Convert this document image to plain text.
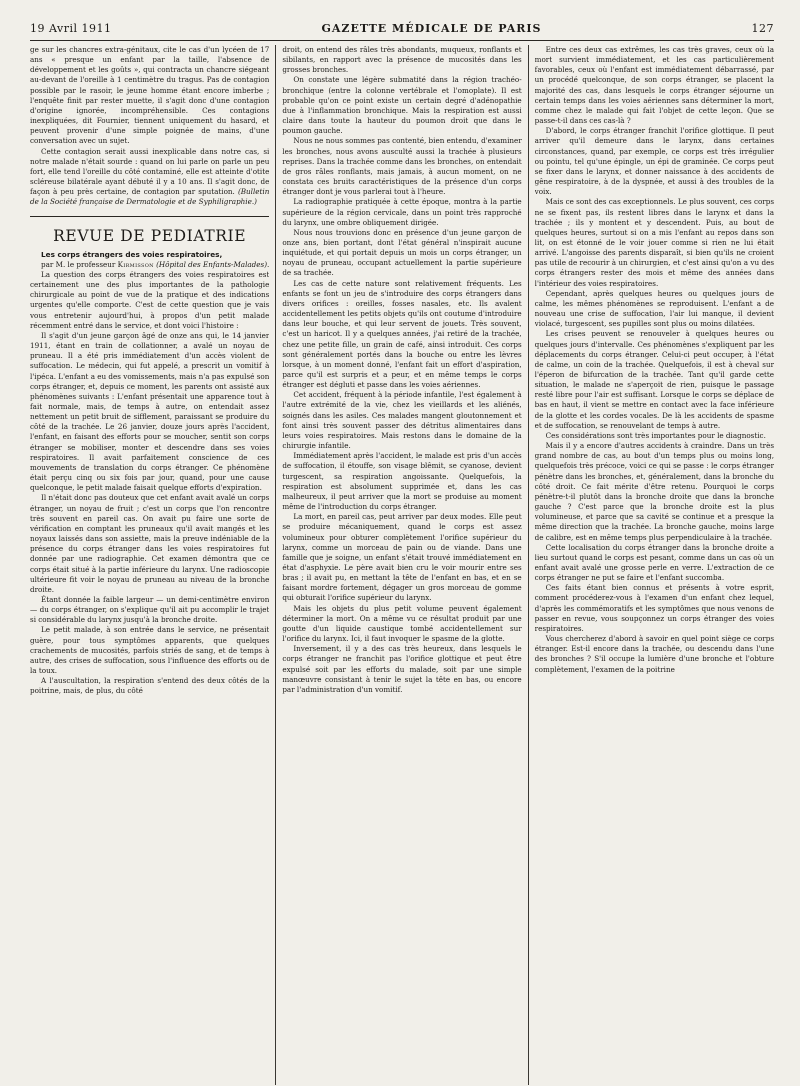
19 Avril 1911	GAZETTE MÉDICALE DE PARIS	127

ge sur les chancres extra-génitaux, cite le cas d'un lycéen de 17 ans « presque un enfant par la taille, l'absence de développement et les goûts », qui contracta un chancre siégeant au-devant de l'oreille à 1 centimètre du tragus. Pas de contagion possible par le rasoir, le jeune homme étant encore imberbe ; l'enquête finit par rester muette, il s'agit donc d'une contagion d'origine ignorée, incompréhensible. Ces contagions inexpliquées, dit Fournier, tiennent uniquement du hasard, et peuvent provenir d'une simple poignée de mains, d'une conversation avec un sujet.

Cette contagion serait aussi inexplicable dans notre cas, si notre malade n'était sourde : quand on lui parle on parle un peu fort, elle tend l'oreille du côté contaminé, elle est atteinte d'otite scléreuse bilatérale ayant débuté il y a 10 ans. Il s'agit donc, de façon à peu près certaine, de contagion par sputation. (Bulletin de la Société française de Dermatologie et de Syphiligraphie.)

REVUE DE PEDIATRIE

Les corps étrangers des voies respiratoires,

par M. le professeur Kirmisson (Hôpital des Enfants-Malades).

La question des corps étrangers des voies respiratoires est certainement une des plus importantes de la pathologie chirurgicale au point de vue de la pratique et des indications urgentes qu'elle comporte. C'est de cette question que je vais vous entretenir aujourd'hui, à propos d'un petit malade récemment entré dans le service, et dont voici l'histoire :

Il s'agit d'un jeune garçon âgé de onze ans qui, le 14 janvier 1911, étant en train de collationner, a avalé un noyau de pruneau. Il a été pris immédiatement d'un accès violent de suffocation. Le médecin, qui fut appelé, a prescrit un vomitif à l'ipéca. L'enfant a eu des vomissements, mais n'a pas expulsé son corps étranger, et, depuis ce moment, les parents ont assisté aux phénomènes suivants : L'enfant présentait une apparence tout à fait normale, mais, de temps à autre, on entendait assez nettement un petit bruit de sifflement, paraissant se produire du côté de la trachée. Le 26 janvier, douze jours après l'accident, l'enfant, en faisant des efforts pour se moucher, sentit son corps étranger se mobiliser, monter et descendre dans ses voies respiratoires. Il avait parfaitement conscience de ces mouvements de translation du corps étranger. Ce phénomène était perçu cinq ou six fois par jour, quand, pour une cause quelconque, le petit malade faisait quelque efforts d'expiration.

Il n'était donc pas douteux que cet enfant avait avalé un corps étranger, un noyau de fruit ; c'est un corps que l'on rencontre très souvent en pareil cas. On avait pu faire une sorte de vérification en comptant les pruneaux qu'il avait mangés et les noyaux laissés dans son assiette, mais la preuve indéniable de la présence du corps étranger dans les voies respiratoires fut donnée par une radiographie. Cet examen démontra que ce corps était situé à la partie inférieure du larynx. Une radioscopie ultérieure fit voir le noyau de pruneau au niveau de la bronche droite.

Étant donnée la faible largeur — un demi-centimètre environ — du corps étranger, on s'explique qu'il ait pu accomplir le trajet si considérable du larynx jusqu'à la bronche droite.

Le petit malade, à son entrée dans le service, ne présentait guère, pour tous symptômes apparents, que quelques crachements de mucosités, parfois striés de sang, et de temps à autre, des crises de suffocation, sous l'influence des efforts ou de la toux.

A l'auscultation, la respiration s'entend des deux côtés de la poitrine, mais, de plus, du côté

droit, on entend des râles très abondants, muqueux, ronflants et sibilants, en rapport avec la présence de mucosités dans les grosses bronches.

On constate une légère submatité dans la région trachéo-bronchique (entre la colonne vertébrale et l'omoplate). Il est probable qu'on ce point existe un certain degré d'adénopathie due à l'inflammation bronchique. Mais la respiration est aussi claire dans toute la hauteur du poumon droit que dans le poumon gauche.

Nous ne nous sommes pas contenté, bien entendu, d'examiner les bronches, nous avons ausculté aussi la trachée à plusieurs reprises. Dans la trachée comme dans les bronches, on entendait de gros râles ronflants, mais jamais, à aucun moment, on ne constata ces bruits caractéristiques de la présence d'un corps étranger dont je vous parlerai tout à l'heure.

La radiographie pratiquée à cette époque, montra à la partie supérieure de la région cervicale, dans un point très rapproché du larynx, une ombre obliquement dirigée.

Nous nous trouvions donc en présence d'un jeune garçon de onze ans, bien portant, dont l'état général n'inspirait aucune inquiétude, et qui portait depuis un mois un corps étranger, un noyau de pruneau, occupant actuellement la partie supérieure de sa trachée.

Les cas de cette nature sont relativement fréquents. Les enfants se font un jeu de s'introduire des corps étrangers dans divers orifices : oreilles, fosses nasales, etc. Ils avalent accidentellement les petits objets qu'ils ont coutume d'introduire dans leur bouche, et qui leur servent de jouets. Très souvent, c'est un haricot. Il y a quelques années, j'ai retiré de la trachée, chez une petite fille, un grain de café, ainsi introduit. Ces corps sont généralement portés dans la bouche ou entre les lèvres lorsque, à un moment donné, l'enfant fait un effort d'aspiration, parce qu'il est surpris et a peur, et en même temps le corps étranger est dégluti et passe dans les voies aériennes.

Cet accident, fréquent à la période infantile, l'est également à l'autre extrémité de la vie, chez les vieillards et les aliénés, soignés dans les asiles. Ces malades mangent gloutonnement et font ainsi très souvent passer des détritus alimentaires dans leurs voies respiratoires. Mais restons dans le domaine de la chirurgie infantile.

Immédiatement après l'accident, le malade est pris d'un accès de suffocation, il étouffe, son visage blêmit, se cyanose, devient turgescent, sa respiration angoissante. Quelquefois, la respiration est absolument supprimée et, dans les cas malheureux, il peut arriver que la mort se produise au moment même de l'introduction du corps étranger.

La mort, en pareil cas, peut arriver par deux modes. Elle peut se produire mécaniquement, quand le corps est assez volumineux pour obturer complètement l'orifice supérieur du larynx, comme un morceau de pain ou de viande. Dans une famille que je soigne, un enfant s'était trouvé immédiatement en état d'asphyxie. Le père avait bien cru le voir mourir entre ses bras ; il avait pu, en mettant la tête de l'enfant en bas, et en se faisant mordre fortement, dégager un gros morceau de gomme qui obturait l'orifice supérieur du larynx.

Mais les objets du plus petit volume peuvent également déterminer la mort. On a même vu ce résultat produit par une goutte d'un liquide caustique tombé accidentellement sur l'orifice du larynx. Ici, il faut invoquer le spasme de la glotte.

Inversement, il y a des cas très heureux, dans lesquels le corps étranger ne franchit pas l'orifice glottique et peut être expulsé soit par les efforts du malade, soit par une simple manœuvre consistant à tenir le sujet la tête en bas, ou encore par l'administration d'un vomitif.

Entre ces deux cas extrêmes, les cas très graves, ceux où la mort survient immédiatement, et les cas particulièrement favorables, ceux où l'enfant est immédiatement débarrassé, par un procédé quelconque, de son corps étranger, se placent la majorité des cas, dans lesquels le corps étranger séjourne un certain temps dans les voies aériennes sans déterminer la mort, comme chez le malade qui fait l'objet de cette leçon. Que se passe-t-il dans ces cas-là ?

D'abord, le corps étranger franchit l'orifice glottique. Il peut arriver qu'il demeure dans le larynx, dans certaines circonstances, quand, par exemple, ce corps est très irrégulier ou pointu, tel qu'une épingle, un épi de graminée. Ce corps peut se fixer dans le larynx, et donner naissance à des accidents de gêne respiratoire, à de la dyspnée, et aussi à des troubles de la voix.

Mais ce sont des cas exceptionnels. Le plus souvent, ces corps ne se fixent pas, ils restent libres dans le larynx et dans la trachée ; ils y montent et y descendent. Puis, au bout de quelques heures, surtout si on a mis l'enfant au repos dans son lit, on est étonné de le voir jouer comme si rien ne lui était arrivé. L'angoisse des parents disparaît, si bien qu'ils ne croient pas utile de recourir à un chirurgien, et c'est ainsi qu'on a vu des corps étrangers rester des mois et même des années dans l'intérieur des voies respiratoires.

Cependant, après quelques heures ou quelques jours de calme, les mêmes phénomènes se reproduisent. L'enfant a de nouveau une crise de suffocation, l'air lui manque, il devient violacé, turgescent, ses pupilles sont plus ou moins dilatées.

Les crises peuvent se renouveler à quelques heures ou quelques jours d'intervalle. Ces phénomènes s'expliquent par les déplacements du corps étranger. Celui-ci peut occuper, à l'état de calme, un coin de la trachée. Quelquefois, il est à cheval sur l'éperon de bifurcation de la trachée. Tant qu'il garde cette situation, le malade ne s'aperçoit de rien, puisque le passage resté libre pour l'air est suffisant. Lorsque le corps se déplace de bas en haut, il vient se mettre en contact avec la face inférieure de la glotte et les cordes vocales. De là les accidents de spasme et de suffocation, se renouvelant de temps à autre.

Ces considérations sont très importantes pour le diagnostic.

Mais il y a encore d'autres accidents à craindre. Dans un très grand nombre de cas, au bout d'un temps plus ou moins long, quelquefois très précoce, voici ce qui se passe : le corps étranger pénètre dans les bronches, et, généralement, dans la bronche du côté droit. Ce fait mérite d'être retenu. Pourquoi le corps pénètre-t-il plutôt dans la bronche droite que dans la bronche gauche ? C'est parce que la bronche droite est la plus volumineuse, et parce que sa cavité se continue et a presque la même direction que la trachée. La bronche gauche, moins large de calibre, est en même temps plus perpendiculaire à la trachée.

Cette localisation du corps étranger dans la bronche droite a lieu surtout quand le corps est pesant, comme dans un cas où un enfant avait avalé une grosse perle en verre. L'extraction de ce corps étranger ne put se faire et l'enfant succomba.

Ces faits étant bien connus et présents à votre esprit, comment procéderez-vous à l'examen d'un enfant chez lequel, d'après les commémoratifs et les symptômes que nous venons de passer en revue, vous soupçonnez un corps étranger des voies respiratoires.

Vous chercherez d'abord à savoir en quel point siège ce corps étranger. Est-il encore dans la trachée, ou descendu dans l'une des bronches ? S'il occupe la lumière d'une bronche et l'obture complètement, l'examen de la poitrine
